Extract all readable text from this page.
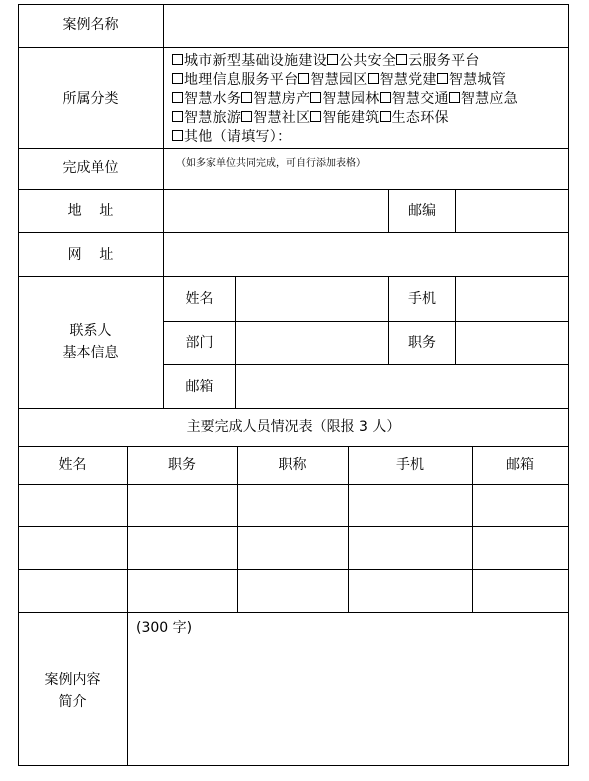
案例名称
所属分类
城市新型基础设施建设 公共安全 云服务平台地理信息服务平台 智慧园区 智慧党建 智慧城管智慧水务 智慧房产 智慧园林 智慧交通 智慧应急智慧旅游 智慧社区 智能建筑 生态环保
其他（请填写）：
完成单位	（如多家单位共同完成，可自行添加表格）
地    址	邮编
网    址
联系人
基本信息
姓名	手机
部门	职务
邮箱
主要完成人员情况表（限报 3 人）
姓名	职务	职称	手机	邮箱
案例内容
简介
(300 字)
